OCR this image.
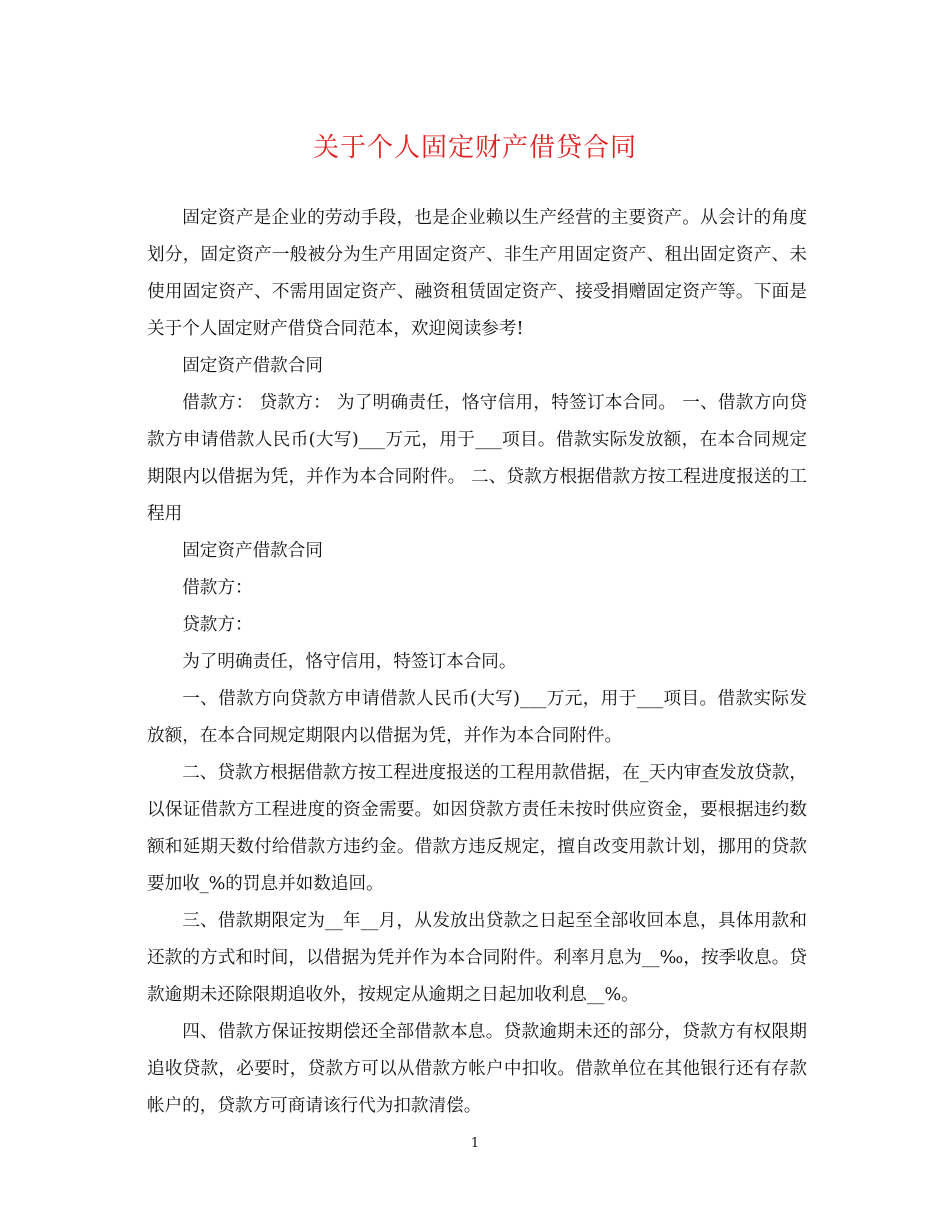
关于个人固定财产借贷合同

固定资产是企业的劳动手段，也是企业赖以生产经营的主要资产。从会计的角度划分，固定资产一般被分为生产用固定资产、非生产用固定资产、租出固定资产、未使用固定资产、不需用固定资产、融资租赁固定资产、接受捐赠固定资产等。下面是关于个人固定财产借贷合同范本，欢迎阅读参考!

固定资产借款合同

借款方： 贷款方： 为了明确责任，恪守信用，特签订本合同。 一、借款方向贷款方申请借款人民币(大写)___万元，用于___项目。借款实际发放额，在本合同规定期限内以借据为凭，并作为本合同附件。 二、贷款方根据借款方按工程进度报送的工程用

固定资产借款合同

借款方：

贷款方：

为了明确责任，恪守信用，特签订本合同。

一、借款方向贷款方申请借款人民币(大写)___万元，用于___项目。借款实际发放额，在本合同规定期限内以借据为凭，并作为本合同附件。

二、贷款方根据借款方按工程进度报送的工程用款借据，在_天内审查发放贷款，以保证借款方工程进度的资金需要。如因贷款方责任未按时供应资金，要根据违约数额和延期天数付给借款方违约金。借款方违反规定，擅自改变用款计划，挪用的贷款要加收_%的罚息并如数追回。

三、借款期限定为__年__月，从发放出贷款之日起至全部收回本息，具体用款和还款的方式和时间，以借据为凭并作为本合同附件。利率月息为__‰，按季收息。贷款逾期未还除限期追收外，按规定从逾期之日起加收利息__%。

四、借款方保证按期偿还全部借款本息。贷款逾期未还的部分，贷款方有权限期追收贷款，必要时，贷款方可以从借款方帐户中扣收。借款单位在其他银行还有存款帐户的，贷款方可商请该行代为扣款清偿。

1
